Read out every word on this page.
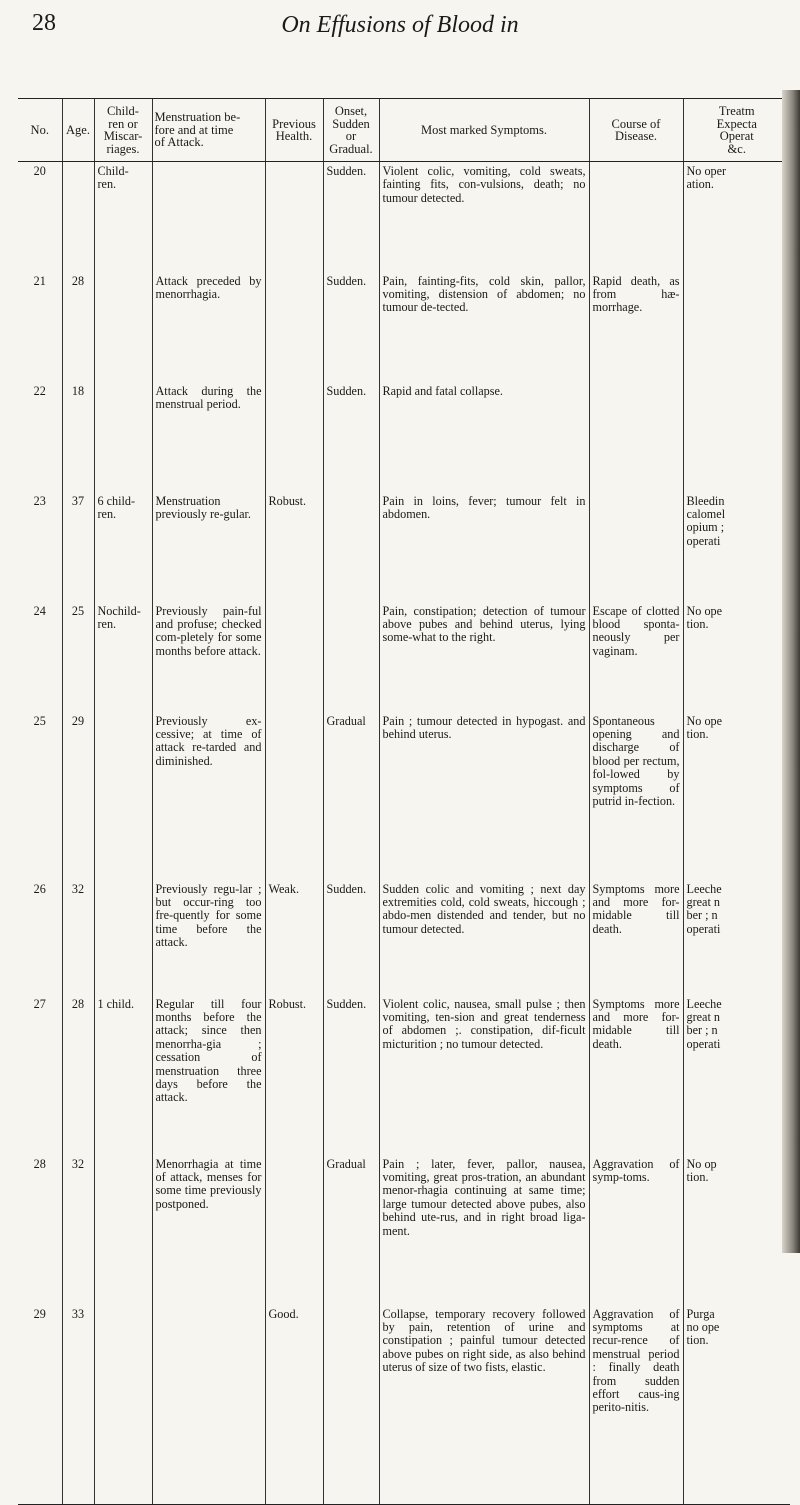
28	On Effusions of Blood in
No.	Age.	Child-
ren or
Miscar-
riages.	Menstruation be-
fore and at time
of Attack.	Previous
Health.	Onset,
Sudden
or
Gradual.	Most marked Symptoms.	Course of
Disease.	Treatm
Expecta
Operat
&c.
20		Child-
ren.			Sudden.	Violent colic, vomiting, cold sweats, fainting fits, con-vulsions, death; no tumour detected.		No oper
ation.
21	28		Attack preceded by menorrhagia.		Sudden.	Pain, fainting-fits, cold skin, pallor, vomiting, distension of abdomen; no tumour de-tected.	Rapid death, as from hæ-morrhage.	
22	18		Attack during the menstrual period.		Sudden.	Rapid and fatal collapse.		
23	37	6 child-
ren.	Menstruation previously re-gular.	Robust.		Pain in loins, fever; tumour felt in abdomen.		Bleedin
calomel
opium ;
operati
24	25	Nochild-
ren.	Previously pain-ful and profuse; checked com-pletely for some months before attack.			Pain, constipation; detection of tumour above pubes and behind uterus, lying some-what to the right.	Escape of clotted blood sponta-neously per vaginam.	No ope
tion.
25	29		Previously ex-cessive; at time of attack re-tarded and diminished.		Gradual	Pain ; tumour detected in hypogast. and behind uterus.	Spontaneous opening and discharge of blood per rectum, fol-lowed by symptoms of putrid in-fection.	No ope
tion.
26	32		Previously regu-lar ; but occur-ring too fre-quently for some time before the attack.	Weak.	Sudden.	Sudden colic and vomiting ; next day extremities cold, cold sweats, hiccough ; abdo-men distended and tender, but no tumour detected.	Symptoms more and more for-midable till death.	Leeche
great n
ber ; n
operati
27	28	1 child.	Regular till four months before the attack; since then menorrha-gia ; cessation of menstruation three days before the attack.	Robust.	Sudden.	Violent colic, nausea, small pulse ; then vomiting, ten-sion and great tenderness of abdomen ;. constipation, dif-ficult micturition ; no tumour detected.	Symptoms more and more for-midable till death.	Leeche
great n
ber ; n
operati
28	32		Menorrhagia at time of attack, menses for some time previously postponed.		Gradual	Pain ; later, fever, pallor, nausea, vomiting, great pros-tration, an abundant menor-rhagia continuing at same time; large tumour detected above pubes, also behind ute-rus, and in right broad liga-ment.	Aggravation of symp-toms.	No op
tion.
29	33			Good.		Collapse, temporary recovery followed by pain, retention of urine and constipation ; painful tumour detected above pubes on right side, as also behind uterus of size of two fists, elastic.	Aggravation of symptoms at recur-rence of menstrual period : finally death from sudden effort caus-ing perito-nitis.	Purga
no ope
tion.
